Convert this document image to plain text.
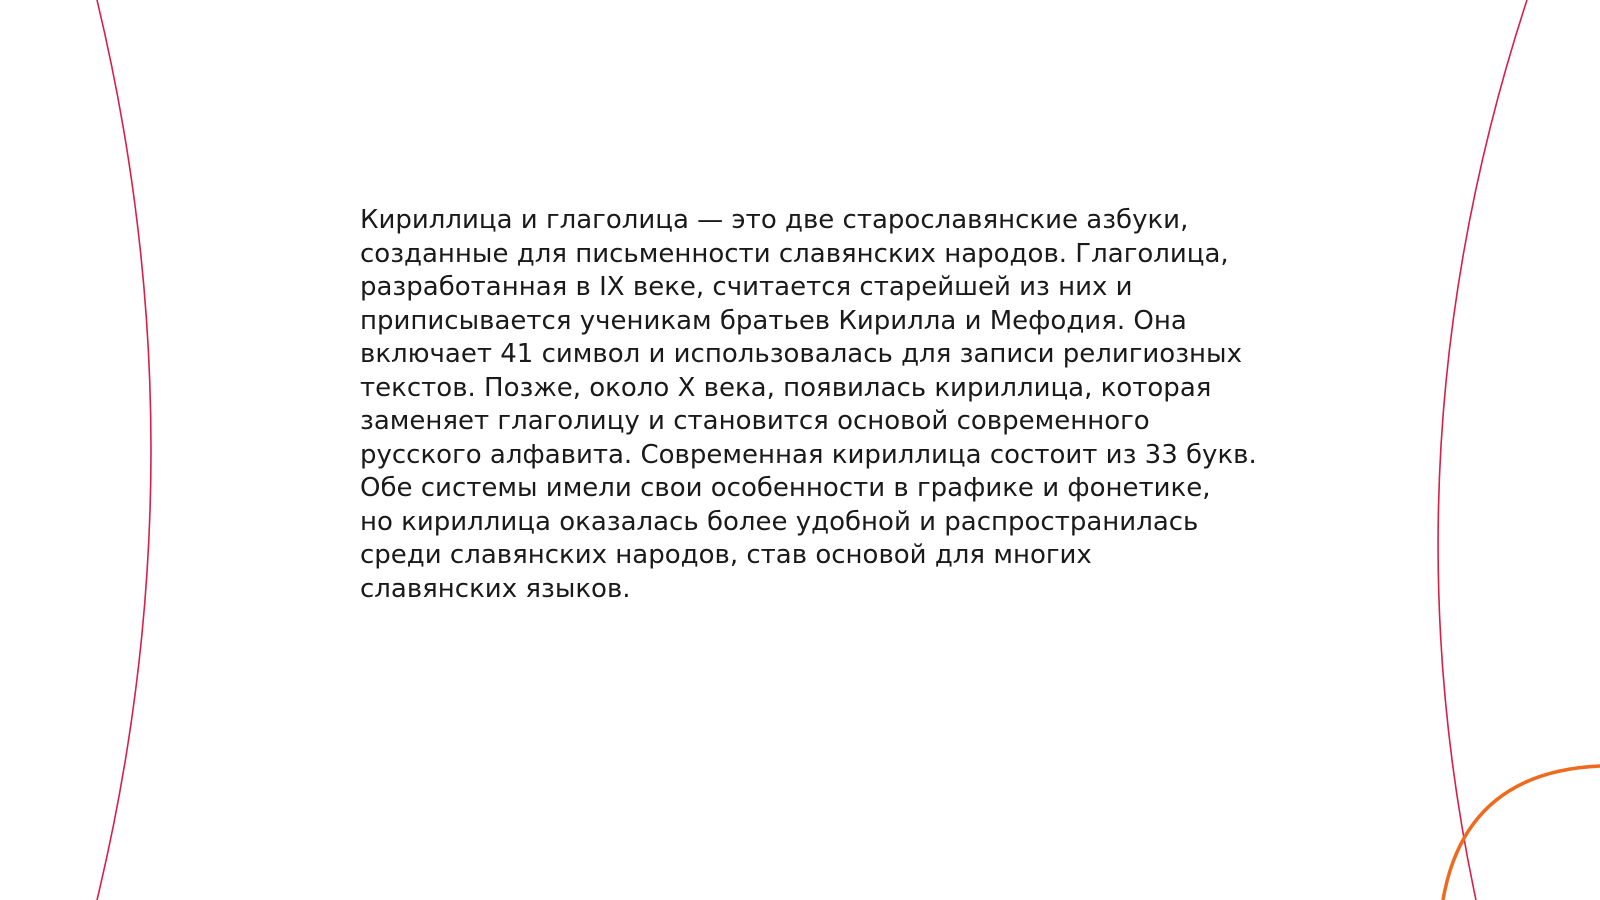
Кириллица и глаголица — это две старославянские азбуки,
созданные для письменности славянских народов. Глаголица,
разработанная в IX веке, считается старейшей из них и
приписывается ученикам братьев Кирилла и Мефодия. Она
включает 41 символ и использовалась для записи религиозных
текстов. Позже, около X века, появилась кириллица, которая
заменяет глаголицу и становится основой современного
русского алфавита. Современная кириллица состоит из 33 букв.
Обе системы имели свои особенности в графике и фонетике,
но кириллица оказалась более удобной и распространилась
среди славянских народов, став основой для многих
славянских языков.
